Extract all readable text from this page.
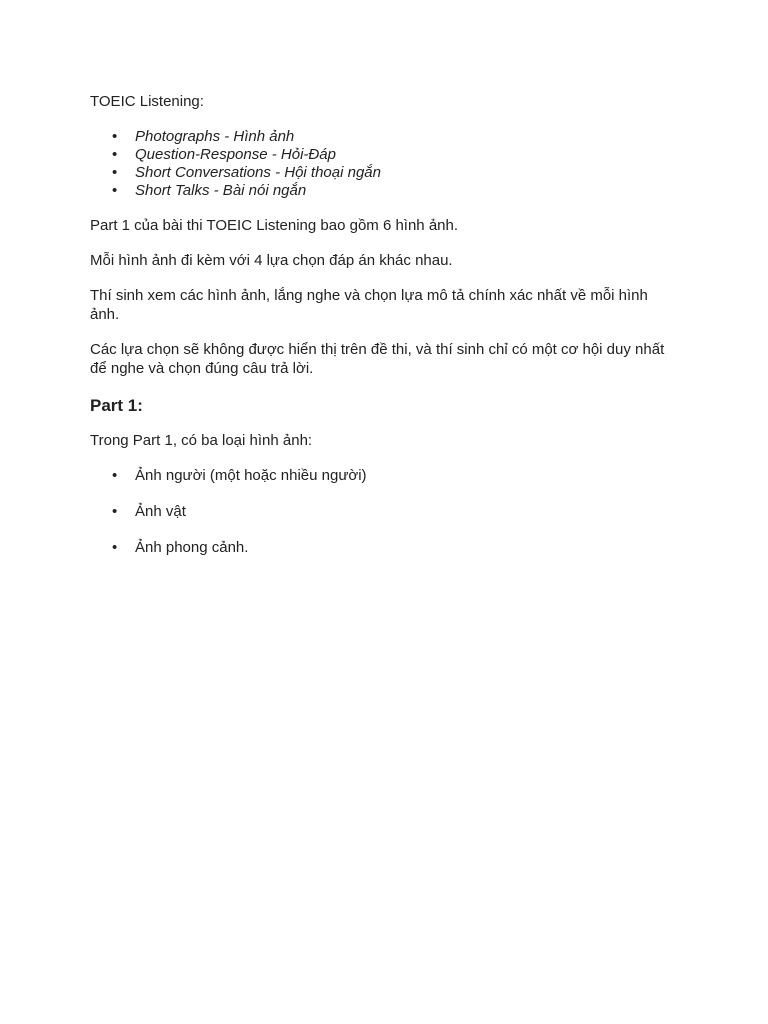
TOEIC Listening:
• Photographs - Hình ảnh
• Question-Response - Hỏi-Đáp
• Short Conversations - Hội thoại ngắn
• Short Talks - Bài nói ngắn

Part 1 của bài thi TOEIC Listening bao gồm 6 hình ảnh.

Mỗi hình ảnh đi kèm với 4 lựa chọn đáp án khác nhau.

Thí sinh xem các hình ảnh, lắng nghe và chọn lựa mô tả chính xác nhất về mỗi hình ảnh.

Các lựa chọn sẽ không được hiển thị trên đề thi, và thí sinh chỉ có một cơ hội duy nhất để nghe và chọn đúng câu trả lời.

Part 1:

Trong Part 1, có ba loại hình ảnh:

• Ảnh người (một hoặc nhiều người)
• Ảnh vật
• Ảnh phong cảnh.
